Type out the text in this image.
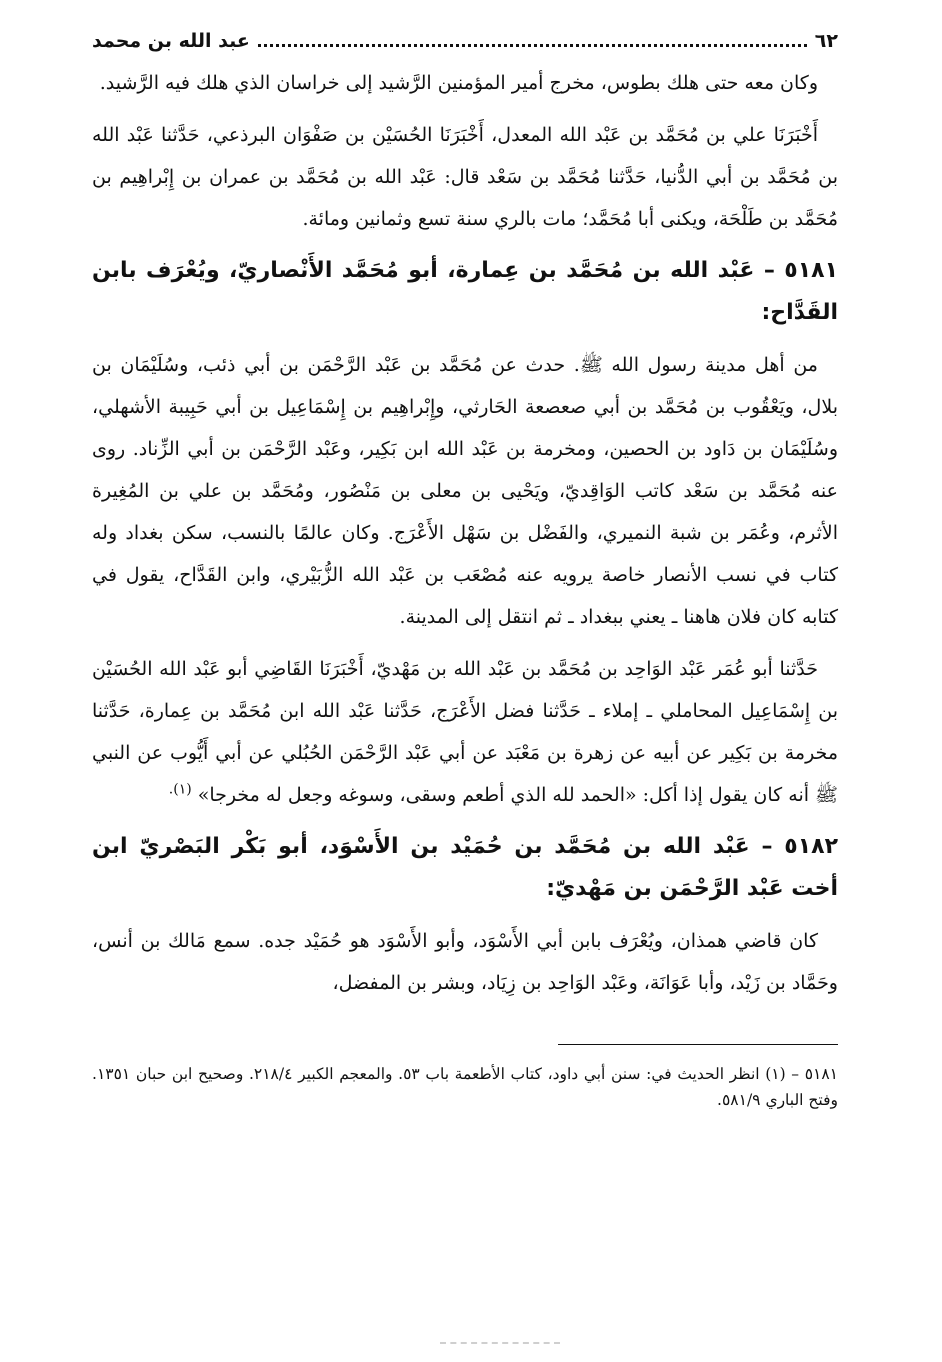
٦٢
عبد الله بن محمد

وكان معه حتى هلك بطوس، مخرج أمير المؤمنين الرَّشيد إلى خراسان الذي هلك فيه الرَّشيد.

أَخْبَرَنَا علي بن مُحَمَّد بن عَبْد الله المعدل، أَخْبَرَنَا الحُسَيْن بن صَفْوَان البرذعي، حَدَّثنا عَبْد الله بن مُحَمَّد بن أبي الدُّنيا، حَدَّثنا مُحَمَّد بن سَعْد قال: عَبْد الله بن مُحَمَّد بن عمران بن إِبْراهِيم بن مُحَمَّد بن طَلْحَة، ويكنى أبا مُحَمَّد؛ مات بالري سنة تسع وثمانين ومائة.

٥١٨١ – عَبْد الله بن مُحَمَّد بن عِمارة، أبو مُحَمَّد الأَنْصاريّ، ويُعْرَف بابن القَدَّاح:

من أهل مدينة رسول الله ﷺ. حدث عن مُحَمَّد بن عَبْد الرَّحْمَن بن أبي ذئب، وسُلَيْمَان بن بلال، ويَعْقُوب بن مُحَمَّد بن أبي صعصعة الحَارثي، وإِبْراهِيم بن إِسْمَاعِيل بن أبي حَبِيبة الأشهلي، وسُلَيْمَان بن دَاود بن الحصين، ومخرمة بن عَبْد الله ابن بَكِير، وعَبْد الرَّحْمَن بن أبي الزِّناد. روى عنه مُحَمَّد بن سَعْد كاتب الوَاقِديّ، ويَحْيى بن معلى بن مَنْصُور، ومُحَمَّد بن علي بن المُغِيرة الأثرم، وعُمَر بن شبة النميري، والفَضْل بن سَهْل الأَعْرَج. وكان عالمًا بالنسب، سكن بغداد وله كتاب في نسب الأنصار خاصة يرويه عنه مُصْعَب بن عَبْد الله الزُّبَيْري، وابن القَدَّاح، يقول في كتابه كان فلان هاهنا ـ يعني ببغداد ـ ثم انتقل إلى المدينة.

حَدَّثنا أبو عُمَر عَبْد الوَاحِد بن مُحَمَّد بن عَبْد الله بن مَهْديّ، أَخْبَرَنَا القَاضِي أبو عَبْد الله الحُسَيْن بن إِسْمَاعِيل المحاملي ـ إملاء ـ حَدَّثنا فضل الأَعْرَج، حَدَّثنا عَبْد الله ابن مُحَمَّد بن عِمارة، حَدَّثنا مخرمة بن بَكِير عن أبيه عن زهرة بن مَعْبَد عن أبي عَبْد الرَّحْمَن الحُبُلي عن أبي أَيُّوب عن النبي ﷺ أنه كان يقول إذا أكل: «الحمد لله الذي أطعم وسقى، وسوغه وجعل له مخرجا» $^{(١).}$

٥١٨٢ – عَبْد الله بن مُحَمَّد بن حُمَيْد بن الأَسْوَد، أبو بَكْر البَصْريّ ابن أخت عَبْد الرَّحْمَن بن مَهْديّ:

كان قاضي همذان، ويُعْرَف بابن أبي الأَسْوَد، وأبو الأَسْوَد هو حُمَيْد جده. سمع مَالك بن أنس، وحَمَّاد بن زَيْد، وأبا عَوَانَة، وعَبْد الوَاحِد بن زِيَاد، وبشر بن المفضل،

٥١٨١ – (١) انظر الحديث في: سنن أبي داود، كتاب الأطعمة باب ٥٣. والمعجم الكبير ٢١٨/٤. وصحيح ابن حبان ١٣٥١. وفتح الباري ٥٨١/٩.
